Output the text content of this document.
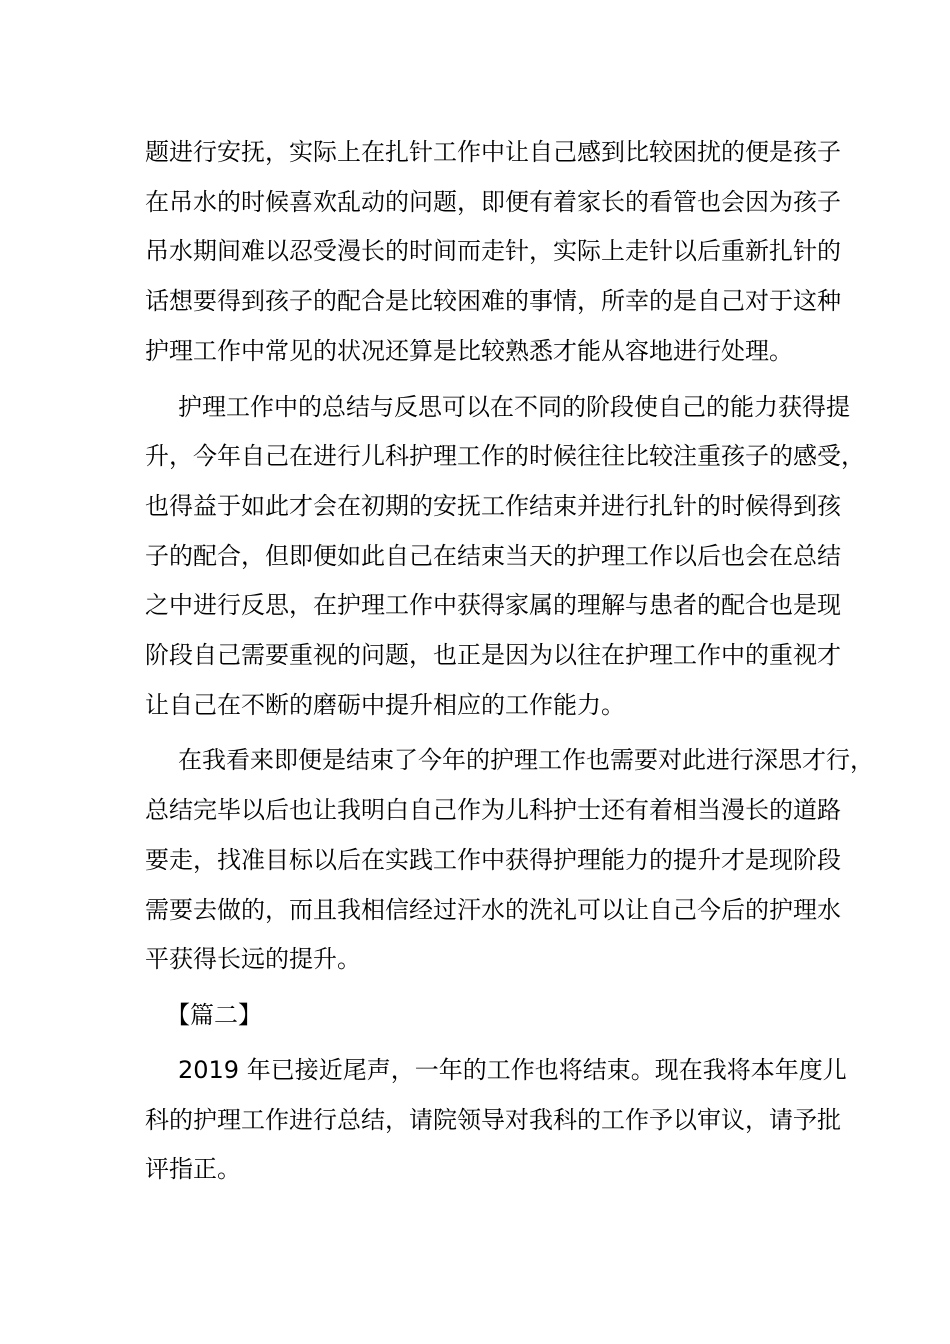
题进行安抚，实际上在扎针工作中让自己感到比较困扰的便是孩子
在吊水的时候喜欢乱动的问题，即便有着家长的看管也会因为孩子
吊水期间难以忍受漫长的时间而走针，实际上走针以后重新扎针的
话想要得到孩子的配合是比较困难的事情，所幸的是自己对于这种
护理工作中常见的状况还算是比较熟悉才能从容地进行处理。
护理工作中的总结与反思可以在不同的阶段使自己的能力获得提
升，今年自己在进行儿科护理工作的时候往往比较注重孩子的感受，
也得益于如此才会在初期的安抚工作结束并进行扎针的时候得到孩
子的配合，但即便如此自己在结束当天的护理工作以后也会在总结
之中进行反思，在护理工作中获得家属的理解与患者的配合也是现
阶段自己需要重视的问题，也正是因为以往在护理工作中的重视才
让自己在不断的磨砺中提升相应的工作能力。
在我看来即便是结束了今年的护理工作也需要对此进行深思才行，
总结完毕以后也让我明白自己作为儿科护士还有着相当漫长的道路
要走，找准目标以后在实践工作中获得护理能力的提升才是现阶段
需要去做的，而且我相信经过汗水的洗礼可以让自己今后的护理水
平获得长远的提升。
【篇二】
2019 年已接近尾声，一年的工作也将结束。现在我将本年度儿
科的护理工作进行总结，请院领导对我科的工作予以审议，请予批
评指正。
